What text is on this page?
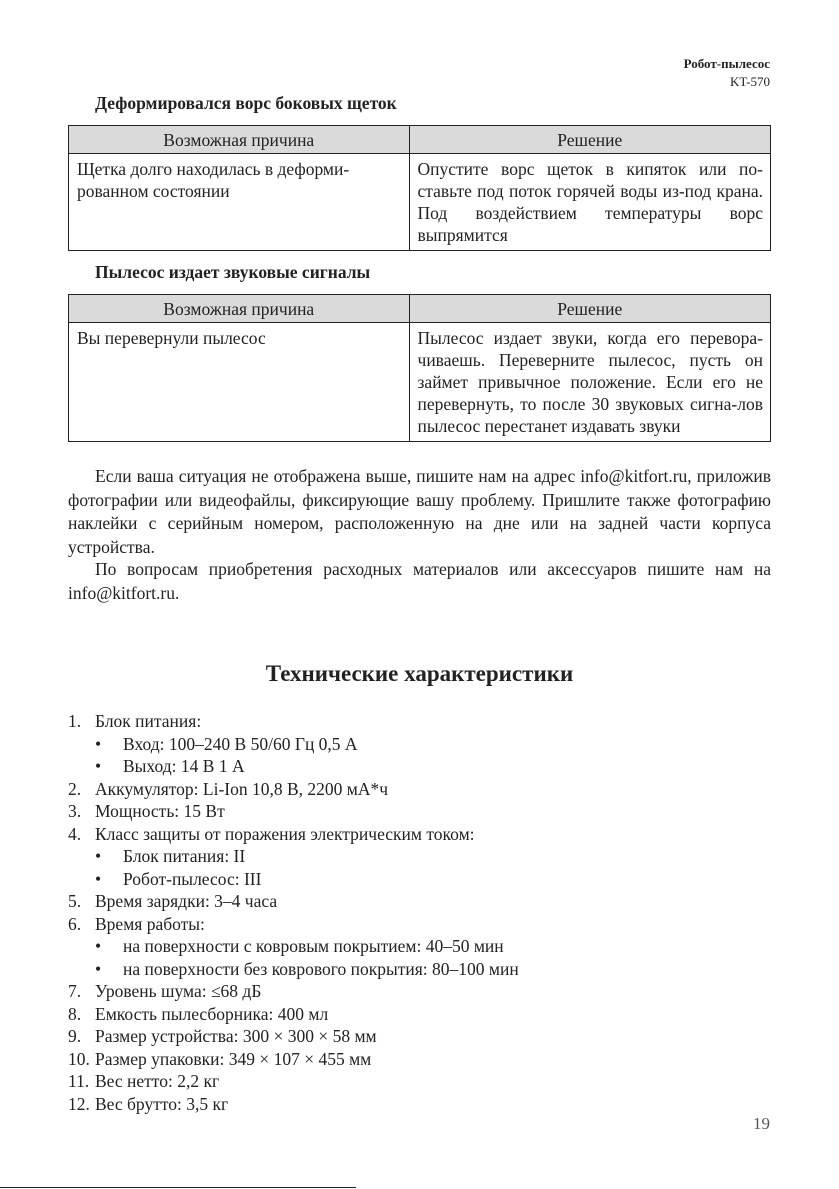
Робот-пылесос
KT-570
Деформировался ворс боковых щеток
Возможная причина	Решение
Щетка долго находилась в деформи-рованном состоянии	Опустите ворс щеток в кипяток или по-ставьте под поток горячей воды из-под крана. Под воздействием температуры ворс выпрямится
Пылесос издает звуковые сигналы
Возможная причина	Решение
Вы перевернули пылесос	Пылесос издает звуки, когда его перевора-чиваешь. Переверните пылесос, пусть он займет привычное положение. Если его не перевернуть, то после 30 звуковых сигна-лов пылесос перестанет издавать звуки
Если ваша ситуация не отображена выше, пишите нам на адрес info@kitfort.ru, приложив фотографии или видеофайлы, фиксирующие вашу проблему. Пришлите также фотографию наклейки с серийным номером, расположенную на дне или на задней части корпуса устройства.
По вопросам приобретения расходных материалов или аксессуаров пишите нам на info@kitfort.ru.
Технические характеристики
1. Блок питания:
•	Вход: 100–240 В 50/60 Гц 0,5 А
•	Выход: 14 В 1 А
2. Аккумулятор: Li-Ion 10,8 В, 2200 мА*ч
3. Мощность: 15 Вт
4. Класс защиты от поражения электрическим током:
•	Блок питания: II
•	Робот-пылесос: III
5. Время зарядки: 3–4 часа
6. Время работы:
•	на поверхности с ковровым покрытием: 40–50 мин
•	на поверхности без коврового покрытия: 80–100 мин
7. Уровень шума: ≤68 дБ
8. Емкость пылесборника: 400 мл
9. Размер устройства: 300 × 300 × 58 мм
10. Размер упаковки: 349 × 107 × 455 мм
11. Вес нетто: 2,2 кг
12. Вес брутто: 3,5 кг
19
